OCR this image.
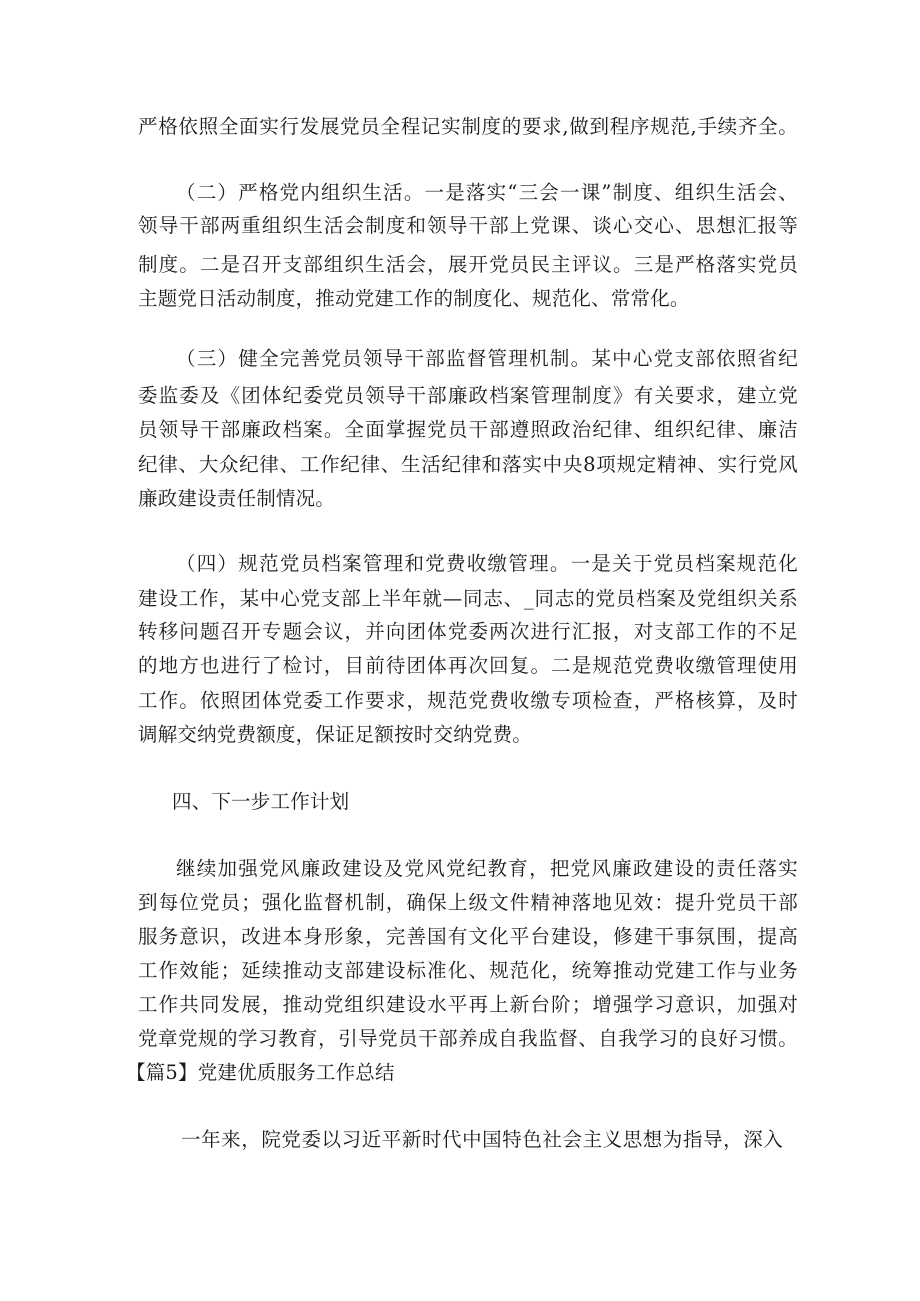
严格依照全面实行发展党员全程记实制度的要求,做到程序规范,手续齐全。
（二）严格党内组织生活。一是落实“三会一课”制度、组织生活会、
领导干部两重组织生活会制度和领导干部上党课、谈心交心、思想汇报等
制度。二是召开支部组织生活会，展开党员民主评议。三是严格落实党员
主题党日活动制度，推动党建工作的制度化、规范化、常常化。
（三）健全完善党员领导干部监督管理机制。某中心党支部依照省纪
委监委及《团体纪委党员领导干部廉政档案管理制度》有关要求，建立党
员领导干部廉政档案。全面掌握党员干部遵照政治纪律、组织纪律、廉洁
纪律、大众纪律、工作纪律、生活纪律和落实中央8项规定精神、实行党风
廉政建设责任制情况。
（四）规范党员档案管理和党费收缴管理。一是关于党员档案规范化
建设工作，某中心党支部上半年就—同志、_同志的党员档案及党组织关系
转移问题召开专题会议，并向团体党委两次进行汇报，对支部工作的不足
的地方也进行了检讨，目前待团体再次回复。二是规范党费收缴管理使用
工作。依照团体党委工作要求，规范党费收缴专项检查，严格核算，及时
调解交纳党费额度，保证足额按时交纳党费。
四、下一步工作计划
继续加强党风廉政建设及党风党纪教育，把党风廉政建设的责任落实
到每位党员；强化监督机制，确保上级文件精神落地见效：提升党员干部
服务意识，改进本身形象，完善国有文化平台建设，修建干事氛围，提高
工作效能；延续推动支部建设标准化、规范化，统筹推动党建工作与业务
工作共同发展，推动党组织建设水平再上新台阶；增强学习意识，加强对
党章党规的学习教育，引导党员干部养成自我监督、自我学习的良好习惯。
【篇5】党建优质服务工作总结
一年来，院党委以习近平新时代中国特色社会主义思想为指导，深入
